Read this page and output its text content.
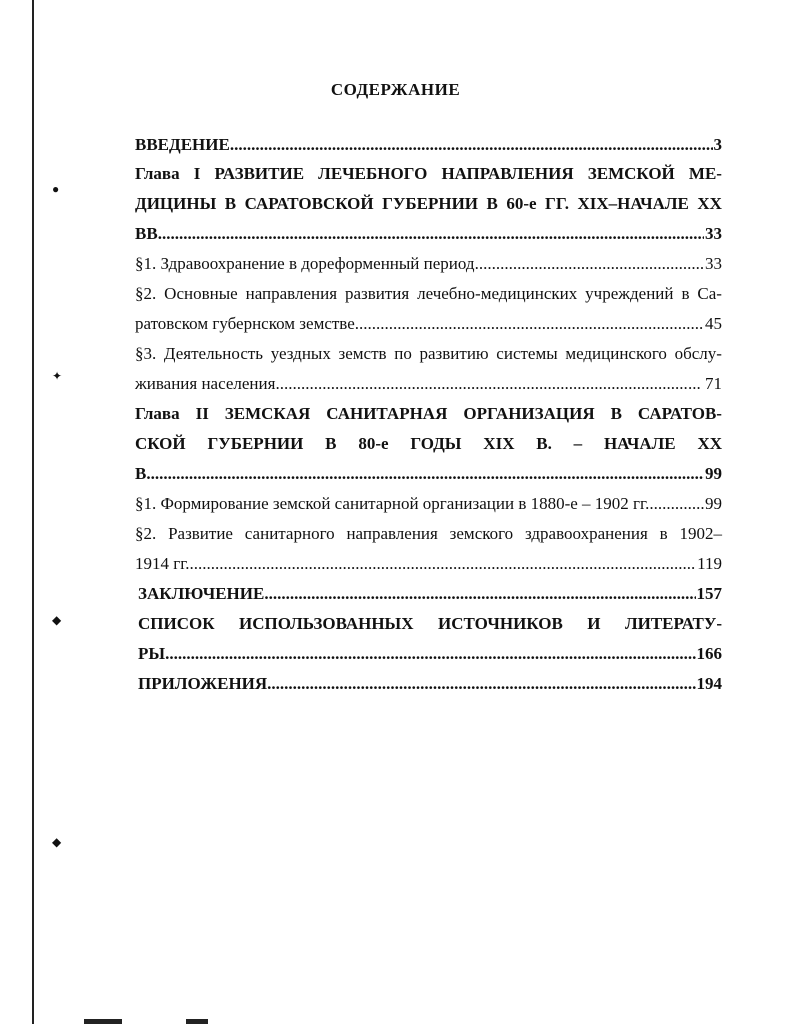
●
✦
◆
◆
СОДЕРЖАНИЕ
ВВЕДЕНИЕ .....	3
Глава I РАЗВИТИЕ ЛЕЧЕБНОГО НАПРАВЛЕНИЯ ЗЕМСКОЙ МЕ-
ДИЦИНЫ В САРАТОВСКОЙ ГУБЕРНИИ В 60-е ГГ. XIX–НАЧАЛЕ XX
ВВ .....	33
§1. Здравоохранение в дореформенный период .....	33
§2. Основные направления развития лечебно-медицинских учреждений в Са-
ратовском губернском земстве .....	45
§3. Деятельность уездных земств по развитию системы медицинского обслу-
живания населения .....	... 71
Глава II ЗЕМСКАЯ САНИТАРНАЯ ОРГАНИЗАЦИЯ В САРАТОВ-
СКОЙ ГУБЕРНИИ В 80-е ГОДЫ XIX В. – НАЧАЛЕ XX
В .....	99
§1. Формирование земской санитарной организации в 1880-е – 1902 гг... .....	99
§2. Развитие санитарного направления земского здравоохранения в 1902–
1914 гг. .....	119
ЗАКЛЮЧЕНИЕ .....	157
СПИСОК ИСПОЛЬЗОВАННЫХ ИСТОЧНИКОВ И ЛИТЕРАТУ-
РЫ .....	166
ПРИЛОЖЕНИЯ .....	194
